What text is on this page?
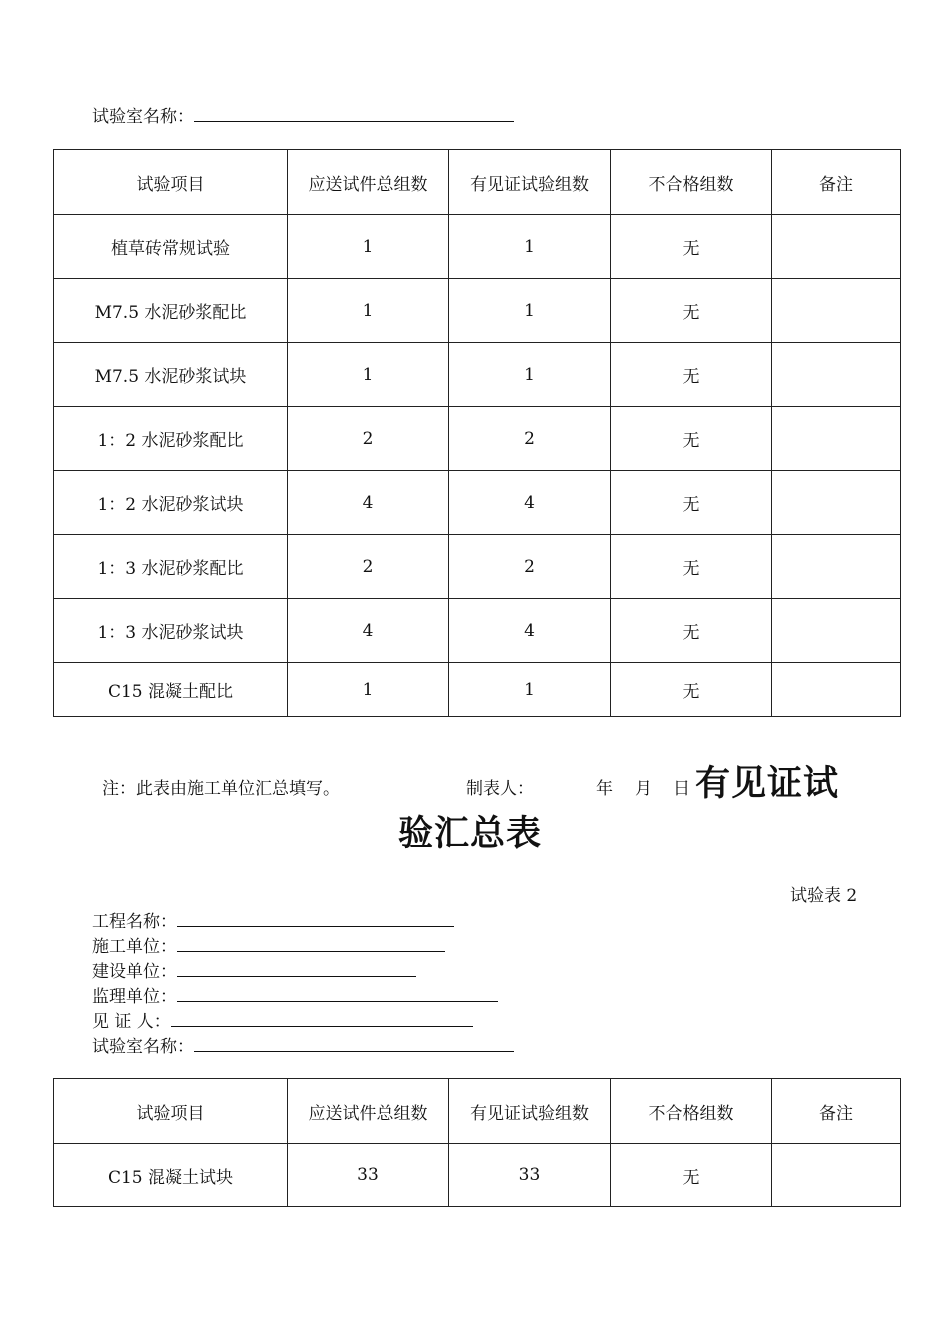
试验室名称：
试验项目	应送试件总组数	有见证试验组数	不合格组数	备注
植草砖常规试验	1	1	无	
M7.5 水泥砂浆配比	1	1	无	
M7.5 水泥砂浆试块	1	1	无	
1：2 水泥砂浆配比	2	2	无	
1：2 水泥砂浆试块	4	4	无	
1：3 水泥砂浆配比	2	2	无	
1：3 水泥砂浆试块	4	4	无	
C15 混凝土配比	1	1	无	
注：此表由施工单位汇总填写。	制表人：	年 月 日 有见证试
验汇总表
试验表 2
工程名称：
施工单位：
建设单位：
监理单位：
见 证 人：
试验室名称：
试验项目	应送试件总组数	有见证试验组数	不合格组数	备注
C15 混凝土试块	33	33	无	
